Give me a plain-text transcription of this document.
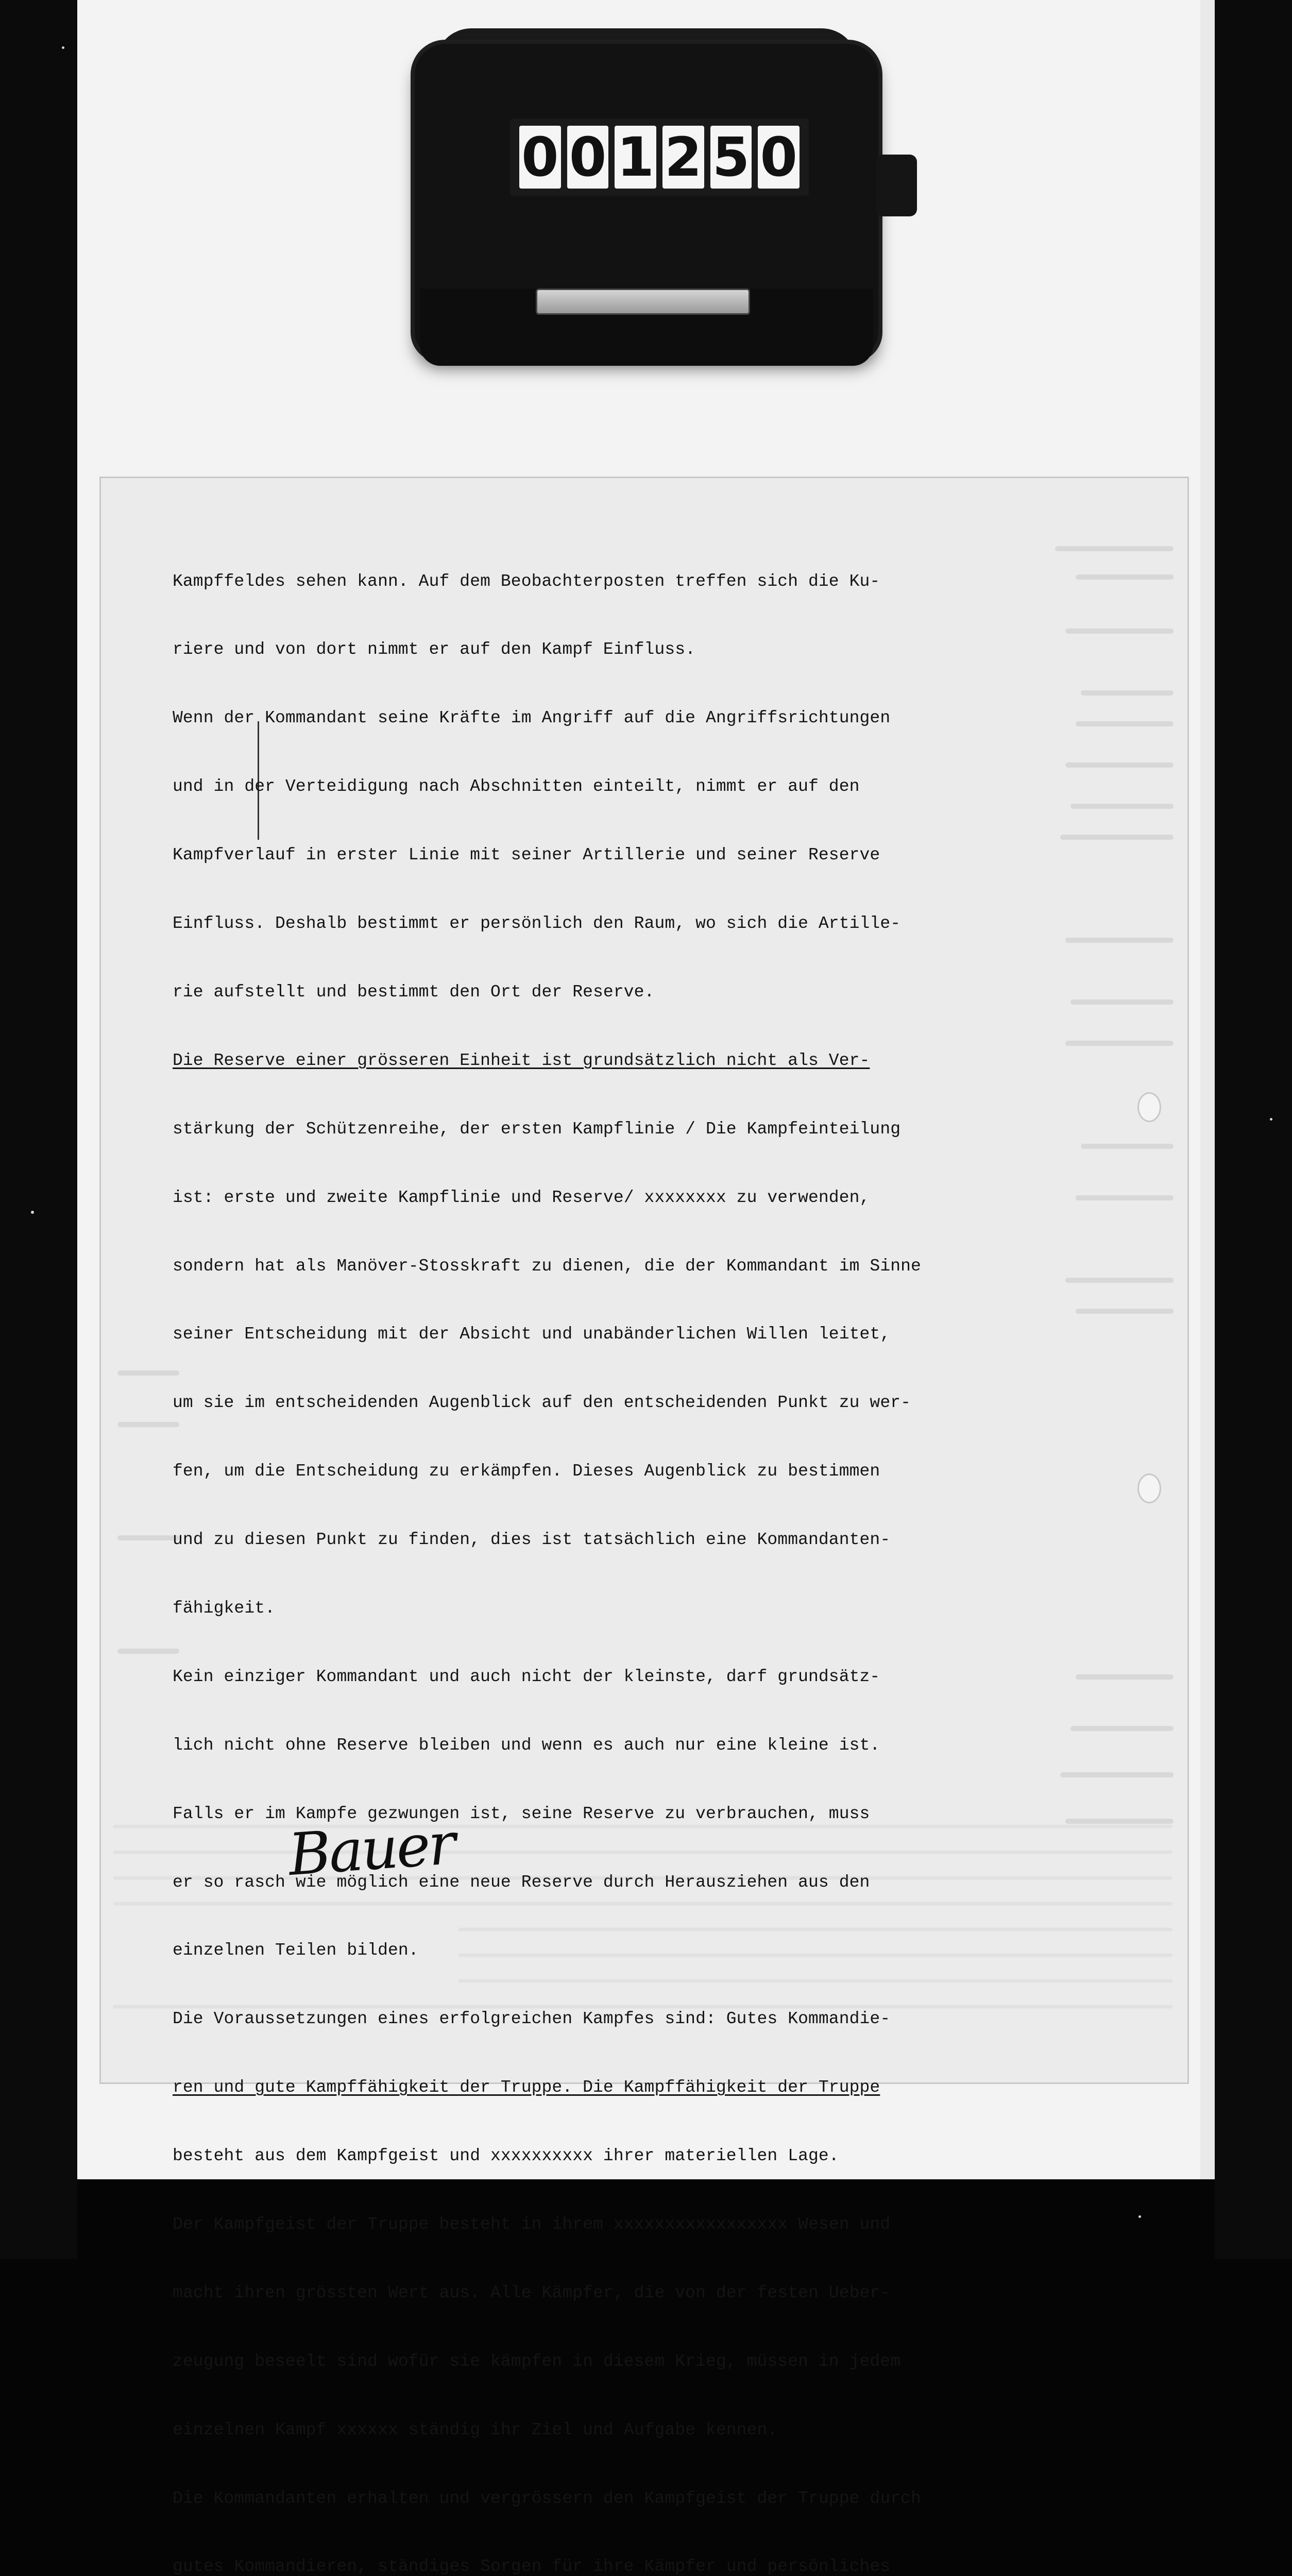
0 0 1 2 5 0

Kampffeldes sehen kann. Auf dem Beobachterposten treffen sich die Ku-

riere und von dort nimmt er auf den Kampf Einfluss.

Wenn der Kommandant seine Kräfte im Angriff auf die Angriffsrichtungen

und in der Verteidigung nach Abschnitten einteilt, nimmt er auf den

Kampfverlauf in erster Linie mit seiner Artillerie und seiner Reserve

Einfluss. Deshalb bestimmt er persönlich den Raum, wo sich die Artille-

rie aufstellt und bestimmt den Ort der Reserve.

Die Reserve einer grösseren Einheit ist grundsätzlich nicht als Ver-

stärkung der Schützenreihe, der ersten Kampflinie / Die Kampfeinteilung

ist: erste und zweite Kampflinie und Reserve/ xxxxxxxx zu verwenden,

sondern hat als Manöver-Stosskraft zu dienen, die der Kommandant im Sinne

seiner Entscheidung mit der Absicht und unabänderlichen Willen leitet,

um sie im entscheidenden Augenblick auf den entscheidenden Punkt zu wer-

fen, um die Entscheidung zu erkämpfen. Dieses Augenblick zu bestimmen

und zu diesen Punkt zu finden, dies ist tatsächlich eine Kommandanten-

fähigkeit.

Kein einziger Kommandant und auch nicht der kleinste, darf grundsätz-

lich nicht ohne Reserve bleiben und wenn es auch nur eine kleine ist.

Falls er im Kampfe gezwungen ist, seine Reserve zu verbrauchen, muss

er so rasch wie möglich eine neue Reserve durch Herausziehen aus den

einzelnen Teilen bilden.

Die Voraussetzungen eines erfolgreichen Kampfes sind: Gutes Kommandie-

ren und gute Kampffähigkeit der Truppe. Die Kampffähigkeit der Truppe

besteht aus dem Kampfgeist und xxxxxxxxxx ihrer materiellen Lage.

Der Kampfgeist der Truppe besteht in ihrem xxxxxxxxxxxxxxxxx Wesen und

macht ihren grössten Wert aus. Alle Kämpfer, die von der festen Ueber-

zeugung beseelt sind wofür sie kämpfen in diesem Krieg, müssen in jedem

einzelnen Kampf xxxxxx ständig ihr Ziel und Aufgabe kennen.

Die Kommandanten erhalten und vergrössern den Kampfgeist der Truppe durch

gutes Kommandieren, ständiges Sorgen für ihre Kämpfer und persönliches

Bauer
